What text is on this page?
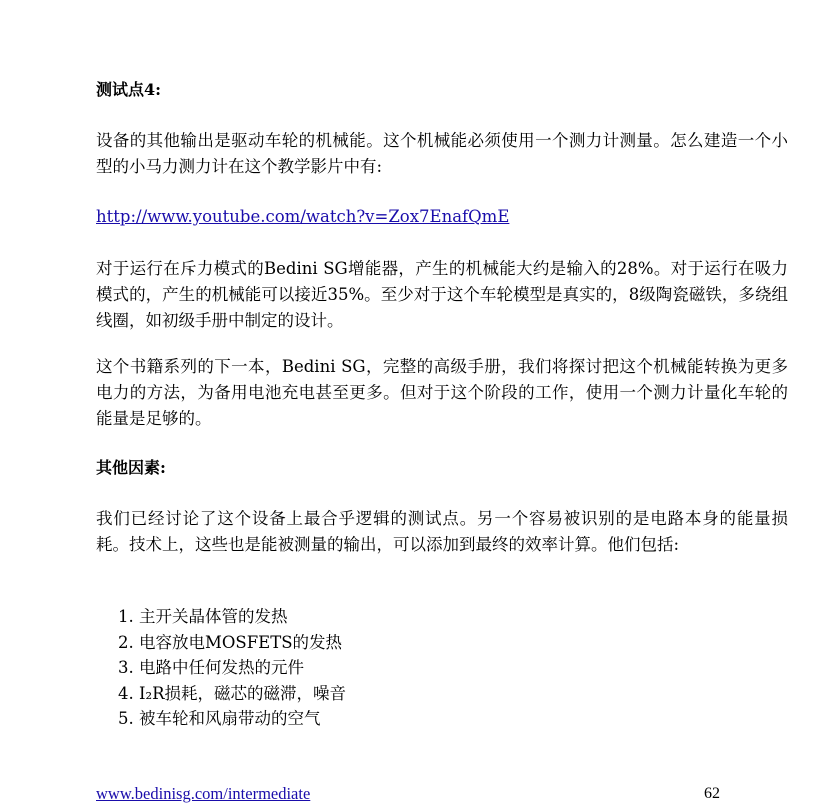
测试点4:

设备的其他输出是驱动车轮的机械能。这个机械能必须使用一个测力计测量。怎么建造一个小型的小马力测力计在这个教学影片中有:

http://www.youtube.com/watch?v=Zox7EnafQmE

对于运行在斥力模式的Bedini SG增能器，产生的机械能大约是输入的28%。对于运行在吸力模式的，产生的机械能可以接近35%。至少对于这个车轮模型是真实的，8级陶瓷磁铁，多绕组线圈，如初级手册中制定的设计。

这个书籍系列的下一本，Bedini SG，完整的高级手册，我们将探讨把这个机械能转换为更多电力的方法，为备用电池充电甚至更多。但对于这个阶段的工作，使用一个测力计量化车轮的能量是足够的。

其他因素:

我们已经讨论了这个设备上最合乎逻辑的测试点。另一个容易被识别的是电路本身的能量损耗。技术上，这些也是能被测量的输出，可以添加到最终的效率计算。他们包括:

1. 主开关晶体管的发热
2. 电容放电MOSFETS的发热
3. 电路中任何发热的元件
4. I₂R损耗，磁芯的磁滞，噪音
5. 被车轮和风扇带动的空气
www.bedinisg.com/intermediate	62
